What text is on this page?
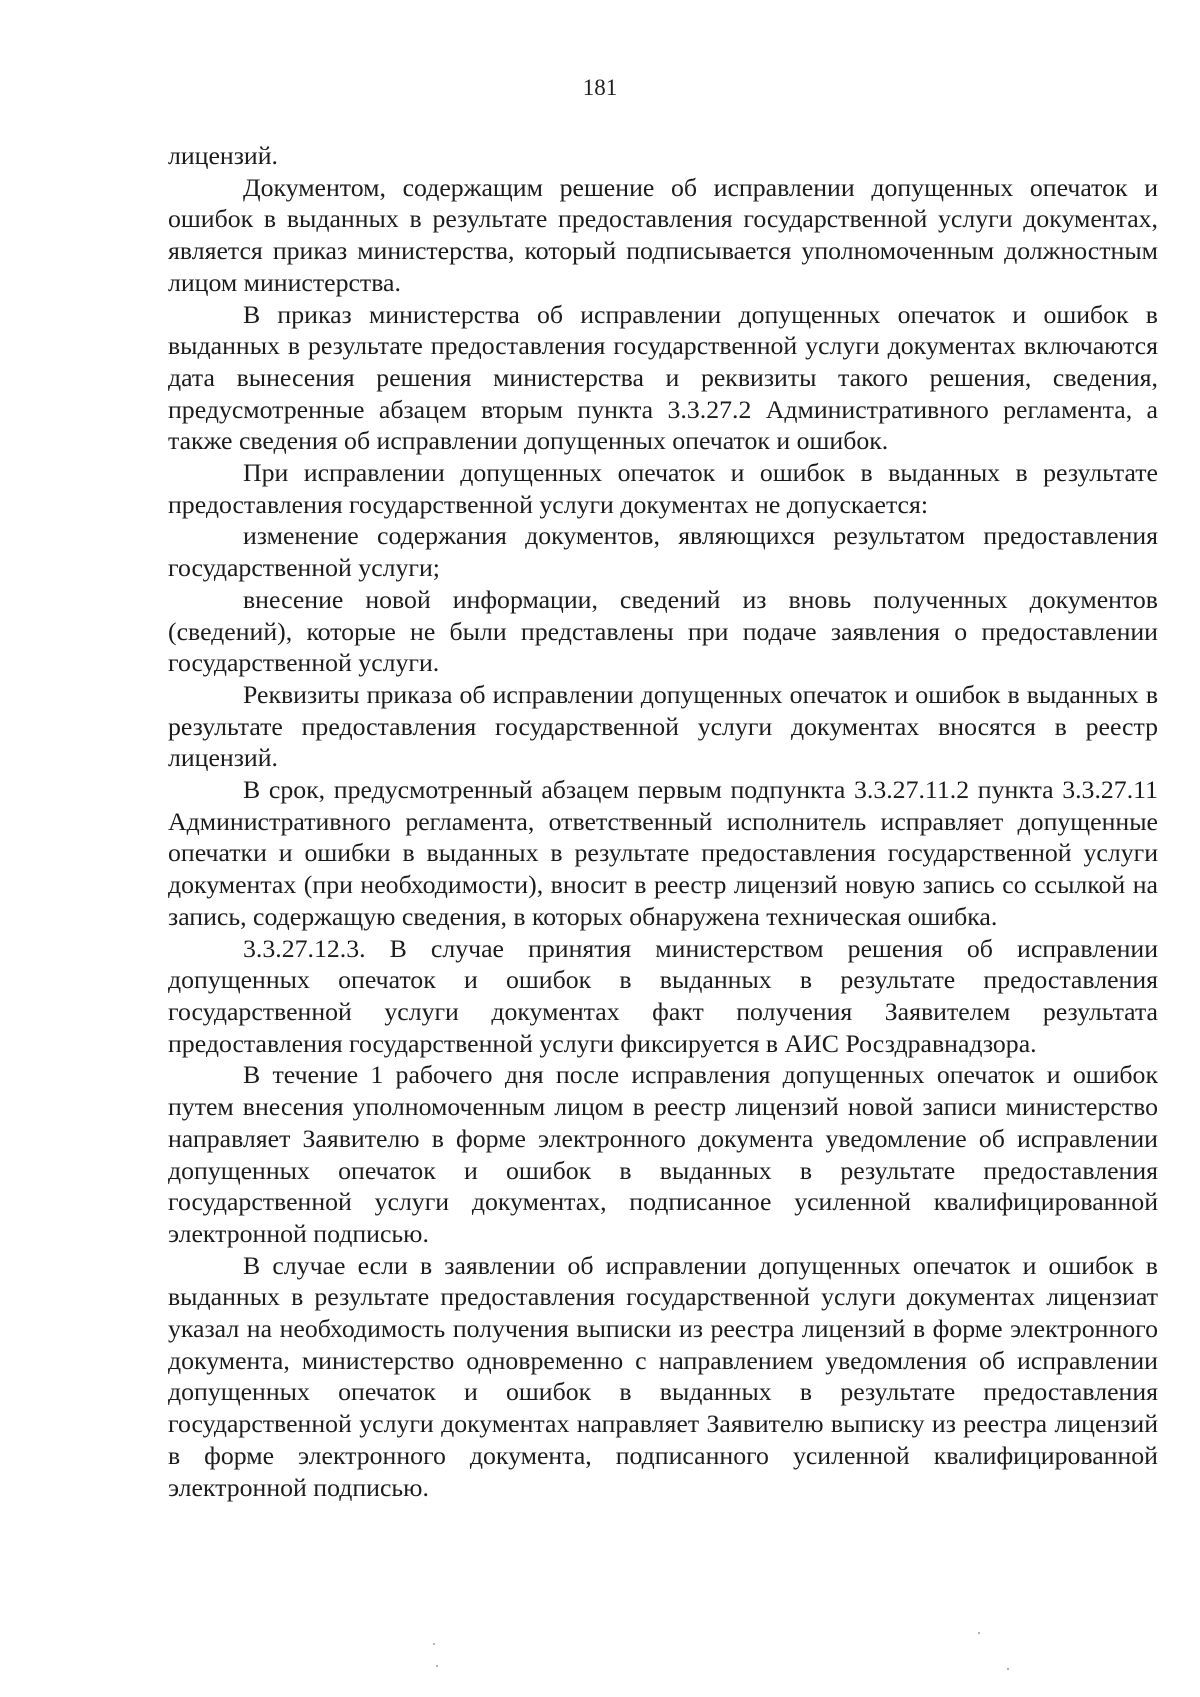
181

лицензий.

Документом, содержащим решение об исправлении допущенных опечаток и ошибок в выданных в результате предоставления государственной услуги документах, является приказ министерства, который подписывается уполномоченным должностным лицом министерства.

В приказ министерства об исправлении допущенных опечаток и ошибок в выданных в результате предоставления государственной услуги документах включаются дата вынесения решения министерства и реквизиты такого решения, сведения, предусмотренные абзацем вторым пункта 3.3.27.2 Административного регламента, а также сведения об исправлении допущенных опечаток и ошибок.

При исправлении допущенных опечаток и ошибок в выданных в результате предоставления государственной услуги документах не допускается:

изменение содержания документов, являющихся результатом предоставления государственной услуги;

внесение новой информации, сведений из вновь полученных документов (сведений), которые не были представлены при подаче заявления о предоставлении государственной услуги.

Реквизиты приказа об исправлении допущенных опечаток и ошибок в выданных в результате предоставления государственной услуги документах вносятся в реестр лицензий.

В срок, предусмотренный абзацем первым подпункта 3.3.27.11.2 пункта 3.3.27.11 Административного регламента, ответственный исполнитель исправляет допущенные опечатки и ошибки в выданных в результате предоставления государственной услуги документах (при необходимости), вносит в реестр лицензий новую запись со ссылкой на запись, содержащую сведения, в которых обнаружена техническая ошибка.

3.3.27.12.3. В случае принятия министерством решения об исправлении допущенных опечаток и ошибок в выданных в результате предоставления государственной услуги документах факт получения Заявителем результата предоставления государственной услуги фиксируется в АИС Росздравнадзора.

В течение 1 рабочего дня после исправления допущенных опечаток и ошибок путем внесения уполномоченным лицом в реестр лицензий новой записи министерство направляет Заявителю в форме электронного документа уведомление об исправлении допущенных опечаток и ошибок в выданных в результате предоставления государственной услуги документах, подписанное усиленной квалифицированной электронной подписью.

В случае если в заявлении об исправлении допущенных опечаток и ошибок в выданных в результате предоставления государственной услуги документах лицензиат указал на необходимость получения выписки из реестра лицензий в форме электронного документа, министерство одновременно с направлением уведомления об исправлении допущенных опечаток и ошибок в выданных в результате предоставления государственной услуги документах направляет Заявителю выписку из реестра лицензий в форме электронного документа, подписанного усиленной квалифицированной электронной подписью.
